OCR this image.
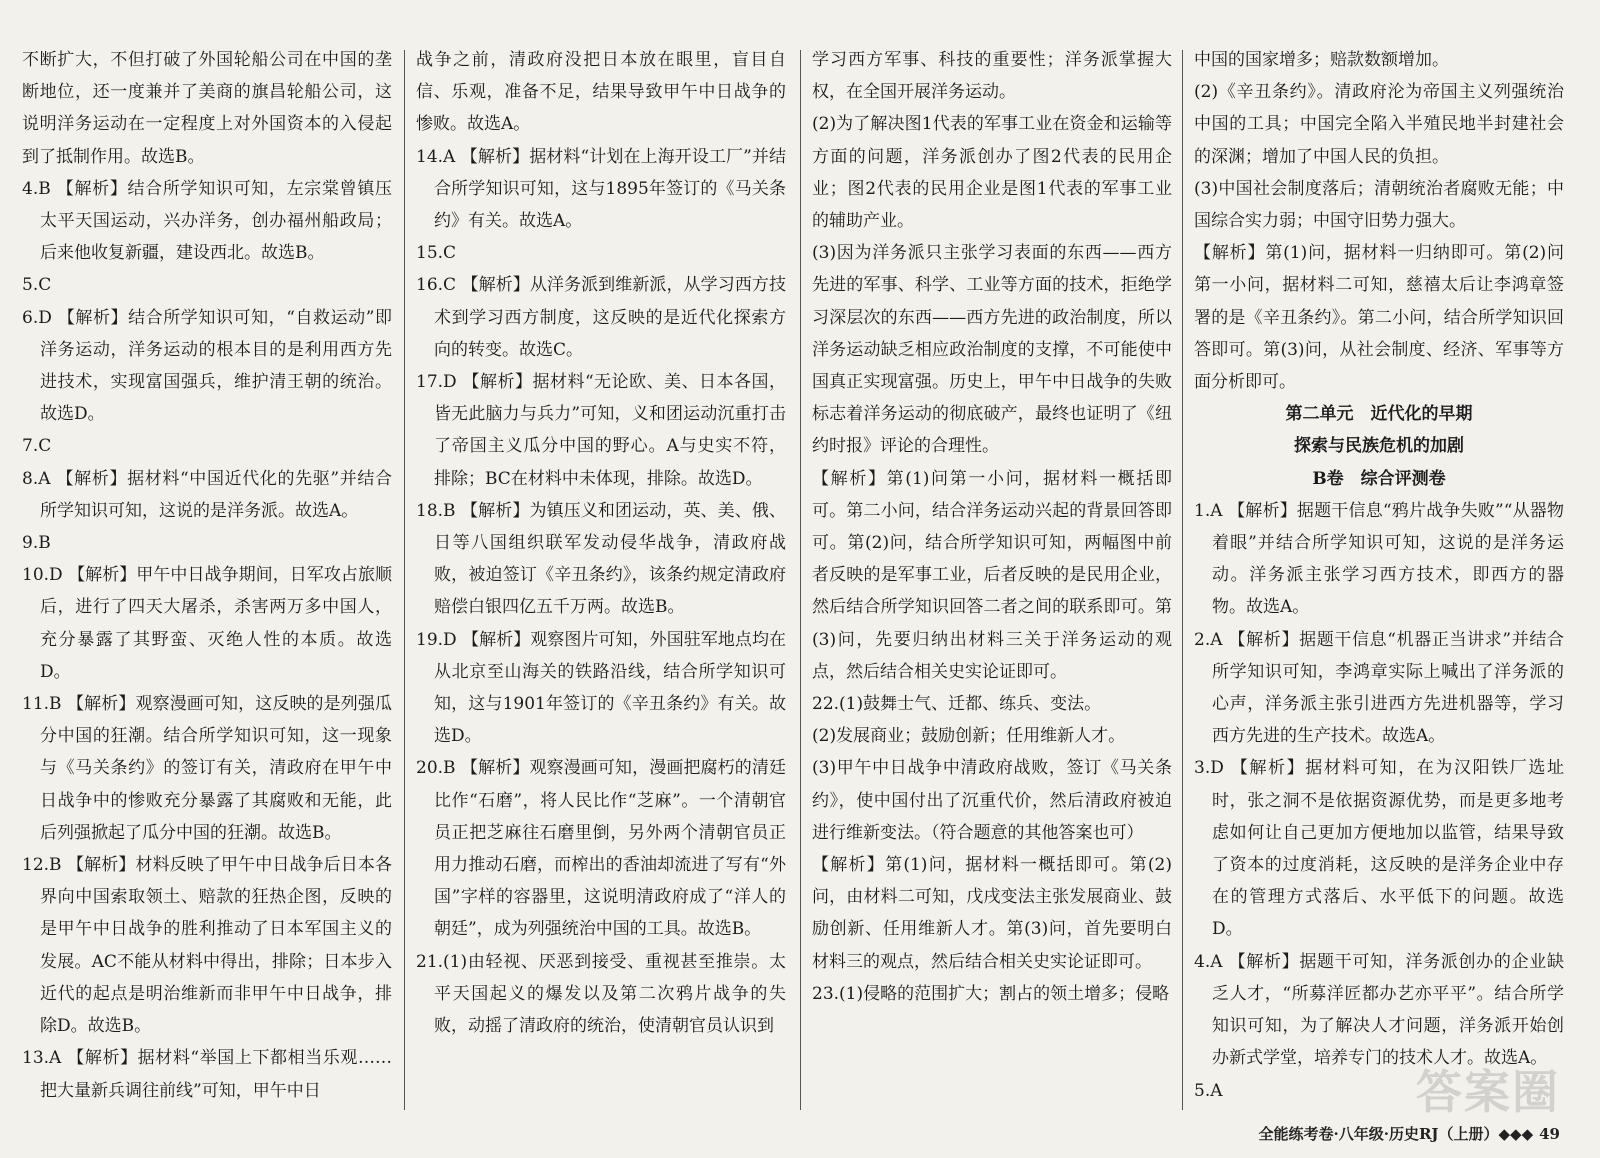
不断扩大，不但打破了外国轮船公司在中国的垄断地位，还一度兼并了美商的旗昌轮船公司，这说明洋务运动在一定程度上对外国资本的入侵起到了抵制作用。故选B。

4.B 【解析】结合所学知识可知，左宗棠曾镇压太平天国运动，兴办洋务，创办福州船政局；后来他收复新疆，建设西北。故选B。

5.C

6.D 【解析】结合所学知识可知，“自救运动”即洋务运动，洋务运动的根本目的是利用西方先进技术，实现富国强兵，维护清王朝的统治。故选D。

7.C

8.A 【解析】据材料“中国近代化的先驱”并结合所学知识可知，这说的是洋务派。故选A。

9.B

10.D 【解析】甲午中日战争期间，日军攻占旅顺后，进行了四天大屠杀，杀害两万多中国人，充分暴露了其野蛮、灭绝人性的本质。故选D。

11.B 【解析】观察漫画可知，这反映的是列强瓜分中国的狂潮。结合所学知识可知，这一现象与《马关条约》的签订有关，清政府在甲午中日战争中的惨败充分暴露了其腐败和无能，此后列强掀起了瓜分中国的狂潮。故选B。

12.B 【解析】材料反映了甲午中日战争后日本各界向中国索取领土、赔款的狂热企图，反映的是甲午中日战争的胜利推动了日本军国主义的发展。AC不能从材料中得出，排除；日本步入近代的起点是明治维新而非甲午中日战争，排除D。故选B。

13.A 【解析】据材料“举国上下都相当乐观……把大量新兵调往前线”可知，甲午中日

战争之前，清政府没把日本放在眼里，盲目自信、乐观，准备不足，结果导致甲午中日战争的惨败。故选A。

14.A 【解析】据材料“计划在上海开设工厂”并结合所学知识可知，这与1895年签订的《马关条约》有关。故选A。

15.C

16.C 【解析】从洋务派到维新派，从学习西方技术到学习西方制度，这反映的是近代化探索方向的转变。故选C。

17.D 【解析】据材料“无论欧、美、日本各国，皆无此脑力与兵力”可知，义和团运动沉重打击了帝国主义瓜分中国的野心。A与史实不符，排除；BC在材料中未体现，排除。故选D。

18.B 【解析】为镇压义和团运动，英、美、俄、日等八国组织联军发动侵华战争，清政府战败，被迫签订《辛丑条约》，该条约规定清政府赔偿白银四亿五千万两。故选B。

19.D 【解析】观察图片可知，外国驻军地点均在从北京至山海关的铁路沿线，结合所学知识可知，这与1901年签订的《辛丑条约》有关。故选D。

20.B 【解析】观察漫画可知，漫画把腐朽的清廷比作“石磨”，将人民比作“芝麻”。一个清朝官员正把芝麻往石磨里倒，另外两个清朝官员正用力推动石磨，而榨出的香油却流进了写有“外国”字样的容器里，这说明清政府成了“洋人的朝廷”，成为列强统治中国的工具。故选B。

21.(1)由轻视、厌恶到接受、重视甚至推崇。太平天国起义的爆发以及第二次鸦片战争的失败，动摇了清政府的统治，使清朝官员认识到

学习西方军事、科技的重要性；洋务派掌握大权，在全国开展洋务运动。

(2)为了解决图1代表的军事工业在资金和运输等方面的问题，洋务派创办了图2代表的民用企业；图2代表的民用企业是图1代表的军事工业的辅助产业。

(3)因为洋务派只主张学习表面的东西——西方先进的军事、科学、工业等方面的技术，拒绝学习深层次的东西——西方先进的政治制度，所以洋务运动缺乏相应政治制度的支撑，不可能使中国真正实现富强。历史上，甲午中日战争的失败标志着洋务运动的彻底破产，最终也证明了《纽约时报》评论的合理性。

【解析】第(1)问第一小问，据材料一概括即可。第二小问，结合洋务运动兴起的背景回答即可。第(2)问，结合所学知识可知，两幅图中前者反映的是军事工业，后者反映的是民用企业，然后结合所学知识回答二者之间的联系即可。第(3)问，先要归纳出材料三关于洋务运动的观点，然后结合相关史实论证即可。

22.(1)鼓舞士气、迁都、练兵、变法。

(2)发展商业；鼓励创新；任用维新人才。

(3)甲午中日战争中清政府战败，签订《马关条约》，使中国付出了沉重代价，然后清政府被迫进行维新变法。（符合题意的其他答案也可）

【解析】第(1)问，据材料一概括即可。第(2)问，由材料二可知，戊戌变法主张发展商业、鼓励创新、任用维新人才。第(3)问，首先要明白材料三的观点，然后结合相关史实论证即可。

23.(1)侵略的范围扩大；割占的领土增多；侵略

中国的国家增多；赔款数额增加。

(2)《辛丑条约》。清政府沦为帝国主义列强统治中国的工具；中国完全陷入半殖民地半封建社会的深渊；增加了中国人民的负担。

(3)中国社会制度落后；清朝统治者腐败无能；中国综合实力弱；中国守旧势力强大。

【解析】第(1)问，据材料一归纳即可。第(2)问第一小问，据材料二可知，慈禧太后让李鸿章签署的是《辛丑条约》。第二小问，结合所学知识回答即可。第(3)问，从社会制度、经济、军事等方面分析即可。

第二单元　近代化的早期

探索与民族危机的加剧

B卷　综合评测卷

1.A 【解析】据题干信息“鸦片战争失败”“从器物着眼”并结合所学知识可知，这说的是洋务运动。洋务派主张学习西方技术，即西方的器物。故选A。

2.A 【解析】据题干信息“机器正当讲求”并结合所学知识可知，李鸿章实际上喊出了洋务派的心声，洋务派主张引进西方先进机器等，学习西方先进的生产技术。故选A。

3.D 【解析】据材料可知，在为汉阳铁厂选址时，张之洞不是依据资源优势，而是更多地考虑如何让自己更加方便地加以监管，结果导致了资本的过度消耗，这反映的是洋务企业中存在的管理方式落后、水平低下的问题。故选D。

4.A 【解析】据题干可知，洋务派创办的企业缺乏人才，“所募洋匠都办艺亦平平”。结合所学知识可知，为了解决人才问题，洋务派开始创办新式学堂，培养专门的技术人才。故选A。

5.A	答案圈
全能练考卷·八年级·历史RJ（上册）◆◆◆ 49
